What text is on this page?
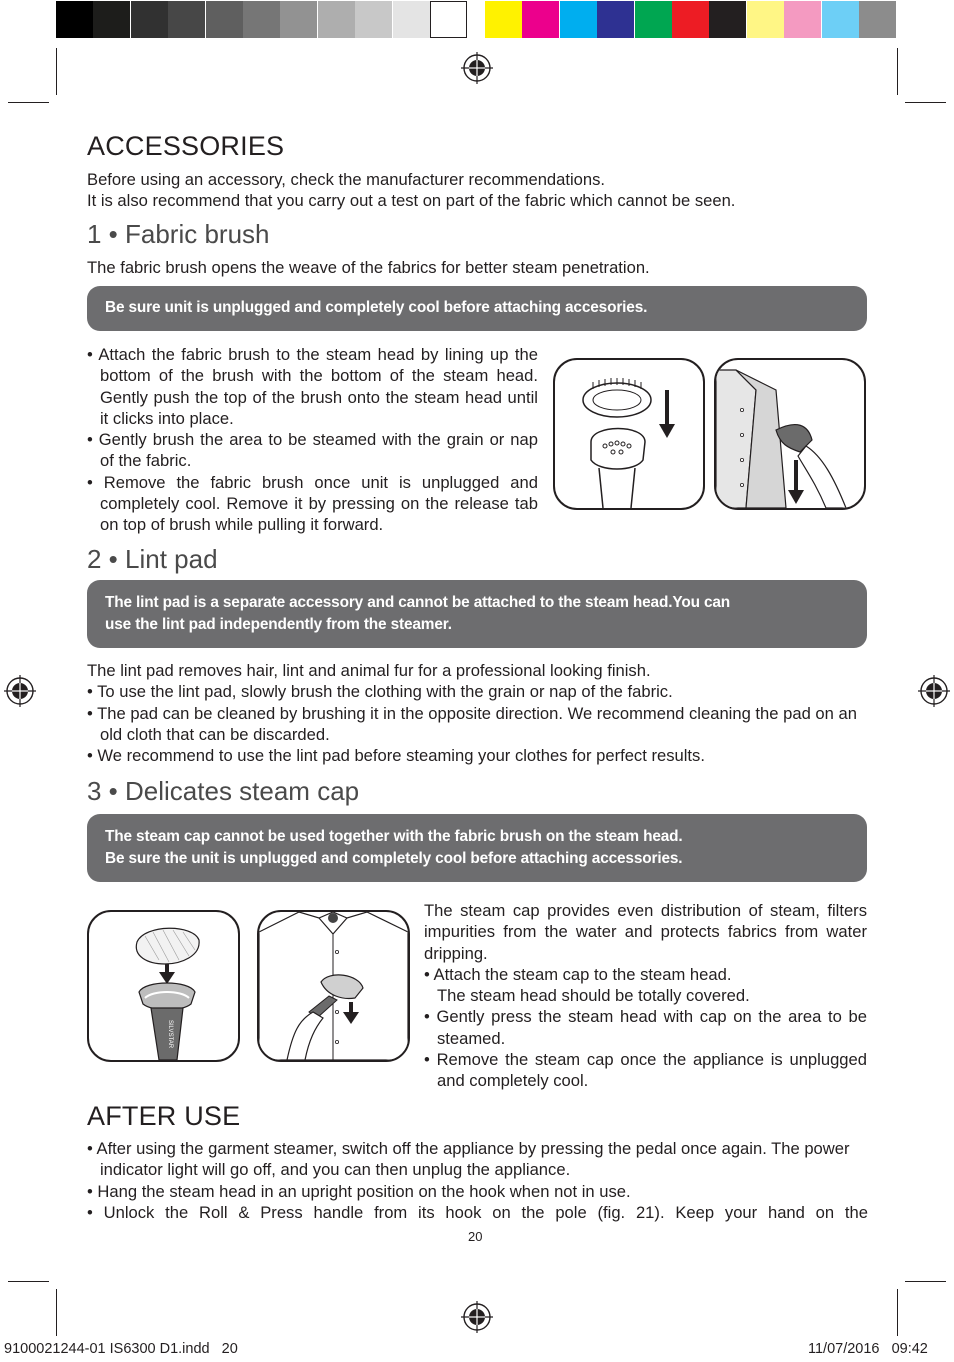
ACCESSORIES
Before using an accessory, check the manufacturer recommendations.
It is also recommend that you carry out a test on part of the fabric which cannot be seen.
1 • Fabric brush
The fabric brush opens the weave of the fabrics for better steam penetration.
Be sure unit is unplugged and completely cool before attaching accesories.
• Attach the fabric brush to the steam head by lining up the bottom of the brush with the bottom of the steam head. Gently push the top of the brush onto the steam head until it clicks into place.
• Gently brush the area to be steamed with the grain or nap of the fabric.
• Remove the fabric brush once unit is unplugged and completely cool. Remove it by pressing on the release tab on top of brush while pulling it forward.
2 • Lint pad
The lint pad is a separate accessory and cannot be attached to the steam head.You can
use the lint pad independently from the steamer.
The lint pad removes hair, lint and animal fur for a professional looking finish.
• To use the lint pad, slowly brush the clothing with the grain or nap of the fabric.
• The pad can be cleaned by brushing it in the opposite direction. We recommend cleaning the pad on an old cloth that can be discarded.
• We recommend to use the lint pad before steaming your clothes for perfect results.
3 • Delicates steam cap
The steam cap cannot be used together with the fabric brush on the steam head.
Be sure the unit is unplugged and completely cool before attaching accessories.
SILVSTAR
The steam cap provides even distribution of steam, filters impurities from the water and protects fabrics from water dripping.
• Attach the steam cap to the steam head.
The steam head should be totally covered.
• Gently press the steam head with cap on the area to be steamed.
• Remove the steam cap once the appliance is unplugged and completely cool.
AFTER USE
• After using the garment steamer, switch off the appliance by pressing the pedal once again. The power indicator light will go off, and you can then unplug the appliance.
• Hang the steam head in an upright position on the hook when not in use.
• Unlock the Roll & Press handle from its hook on the pole (fig. 21). Keep your hand on the
20
9100021244-01 IS6300 D1.indd   20	11/07/2016   09:42
